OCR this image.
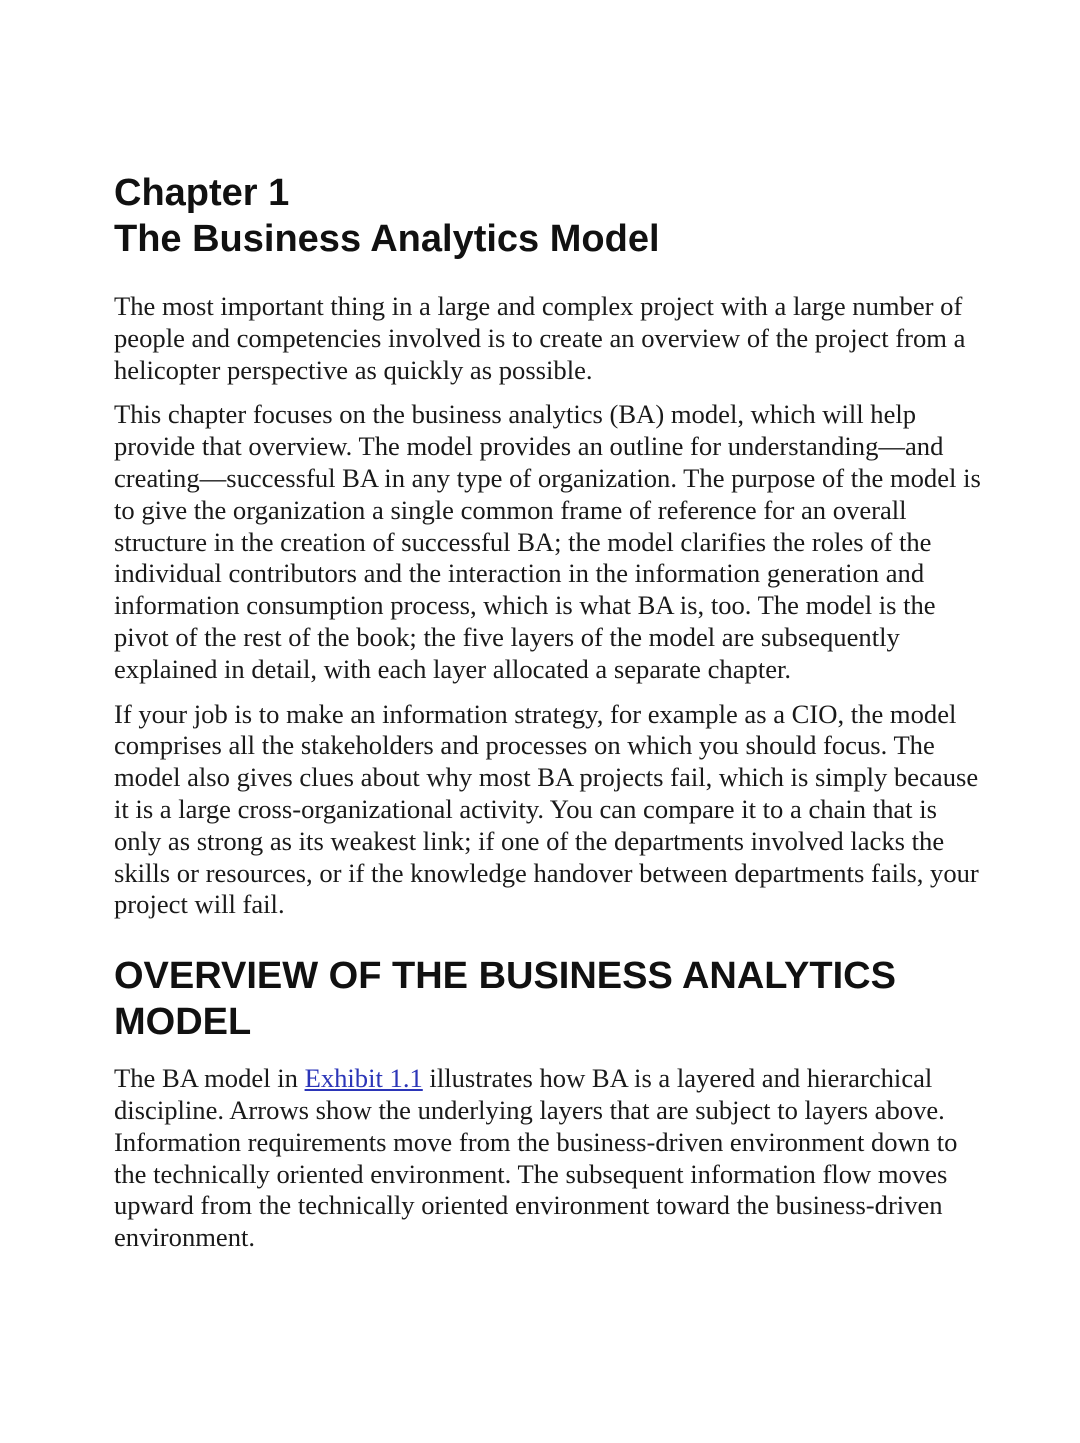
Chapter 1
The Business Analytics Model

The most important thing in a large and complex project with a large number of people and competencies involved is to create an overview of the project from a helicopter perspective as quickly as possible.

This chapter focuses on the business analytics (BA) model, which will help provide that overview. The model provides an outline for understanding—and creating—successful BA in any type of organization. The purpose of the model is to give the organization a single common frame of reference for an overall structure in the creation of successful BA; the model clarifies the roles of the individual contributors and the interaction in the information generation and information consumption process, which is what BA is, too. The model is the pivot of the rest of the book; the five layers of the model are subsequently explained in detail, with each layer allocated a separate chapter.

If your job is to make an information strategy, for example as a CIO, the model comprises all the stakeholders and processes on which you should focus. The model also gives clues about why most BA projects fail, which is simply because it is a large cross-organizational activity. You can compare it to a chain that is only as strong as its weakest link; if one of the departments involved lacks the skills or resources, or if the knowledge handover between departments fails, your project will fail.

OVERVIEW OF THE BUSINESS ANALYTICS MODEL

The BA model in Exhibit 1.1 illustrates how BA is a layered and hierarchical discipline. Arrows show the underlying layers that are subject to layers above. Information requirements move from the business-driven environment down to the technically oriented environment. The subsequent information flow moves upward from the technically oriented environment toward the business-driven environment.
